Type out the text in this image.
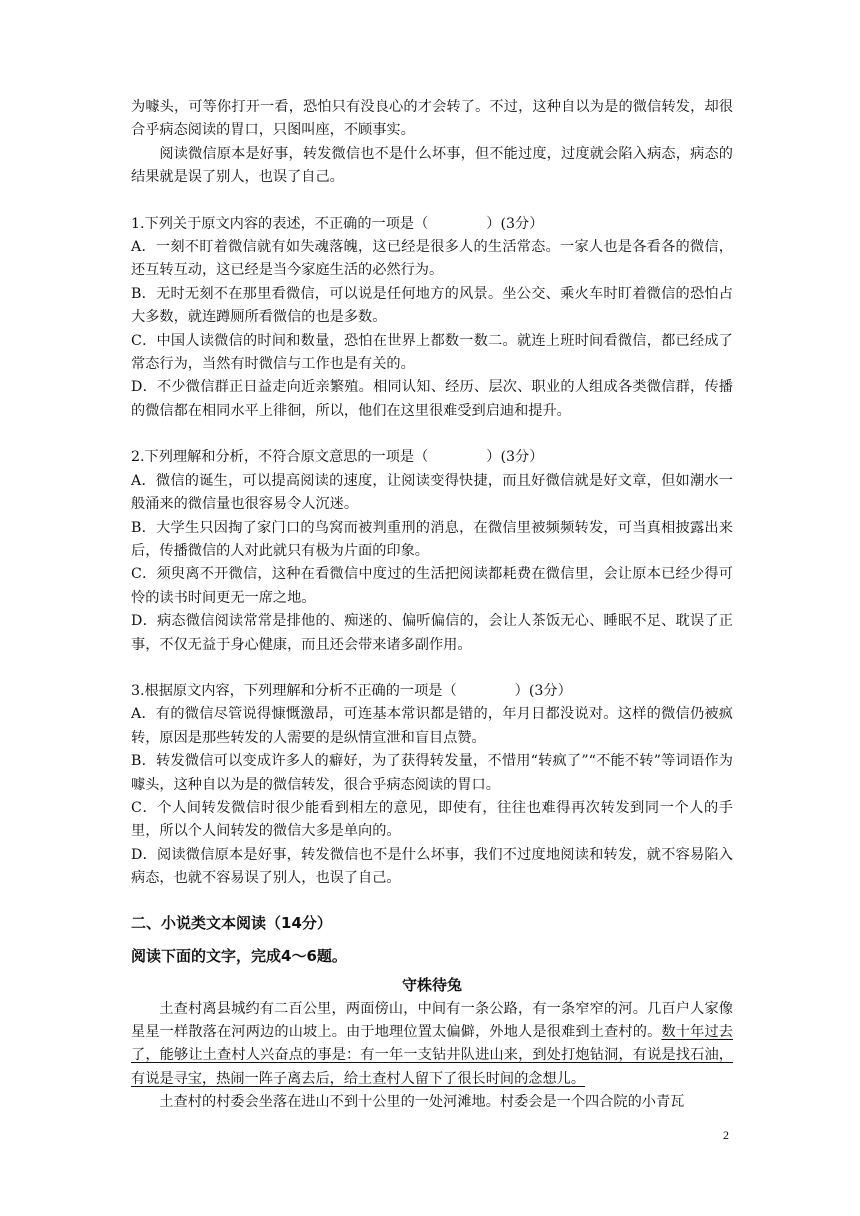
为噱头，可等你打开一看，恐怕只有没良心的才会转了。不过，这种自以为是的微信转发，却很合乎病态阅读的胃口，只图叫座，不顾事实。

阅读微信原本是好事，转发微信也不是什么坏事，但不能过度，过度就会陷入病态，病态的结果就是误了别人，也误了自己。

1.下列关于原文内容的表述，不正确的一项是（	）(3分）

A．一刻不盯着微信就有如失魂落魄，这已经是很多人的生活常态。一家人也是各看各的微信，还互转互动，这已经是当今家庭生活的必然行为。

B．无时无刻不在那里看微信，可以说是任何地方的风景。坐公交、乘火车时盯着微信的恐怕占大多数，就连蹲厕所看微信的也是多数。

C．中国人读微信的时间和数量，恐怕在世界上都数一数二。就连上班时间看微信，都已经成了常态行为，当然有时微信与工作也是有关的。

D．不少微信群正日益走向近亲繁殖。相同认知、经历、层次、职业的人组成各类微信群，传播的微信都在相同水平上徘徊，所以，他们在这里很难受到启迪和提升。

2.下列理解和分析，不符合原文意思的一项是（	）(3分）

A．微信的诞生，可以提高阅读的速度，让阅读变得快捷，而且好微信就是好文章，但如潮水一般涌来的微信量也很容易令人沉迷。

B．大学生只因掏了家门口的鸟窝而被判重刑的消息，在微信里被频频转发，可当真相披露出来后，传播微信的人对此就只有极为片面的印象。

C．须臾离不开微信，这种在看微信中度过的生活把阅读都耗费在微信里，会让原本已经少得可怜的读书时间更无一席之地。

D．病态微信阅读常常是排他的、痴迷的、偏听偏信的，会让人茶饭无心、睡眠不足、耽误了正事，不仅无益于身心健康，而且还会带来诸多副作用。

3.根据原文内容，下列理解和分析不正确的一项是（	）(3分）

A．有的微信尽管说得慷慨激昂，可连基本常识都是错的，年月日都没说对。这样的微信仍被疯转，原因是那些转发的人需要的是纵情宣泄和盲目点赞。

B．转发微信可以变成许多人的癖好，为了获得转发量，不惜用“转疯了”“不能不转”等词语作为噱头，这种自以为是的微信转发，很合乎病态阅读的胃口。

C．个人间转发微信时很少能看到相左的意见，即使有，往往也难得再次转发到同一个人的手里，所以个人间转发的微信大多是单向的。

D．阅读微信原本是好事，转发微信也不是什么坏事，我们不过度地阅读和转发，就不容易陷入病态，也就不容易误了别人，也误了自己。

二、小说类文本阅读（14分）

阅读下面的文字，完成4～6题。

守株待兔

土查村离县城约有二百公里，两面傍山，中间有一条公路，有一条窄窄的河。几百户人家像星星一样散落在河两边的山坡上。由于地理位置太偏僻，外地人是很难到土查村的。数十年过去了，能够让土查村人兴奋点的事是：有一年一支钻井队进山来，到处打炮钻洞，有说是找石油，有说是寻宝，热闹一阵子离去后，给土查村人留下了很长时间的念想儿。

土查村的村委会坐落在进山不到十公里的一处河滩地。村委会是一个四合院的小青瓦

2
